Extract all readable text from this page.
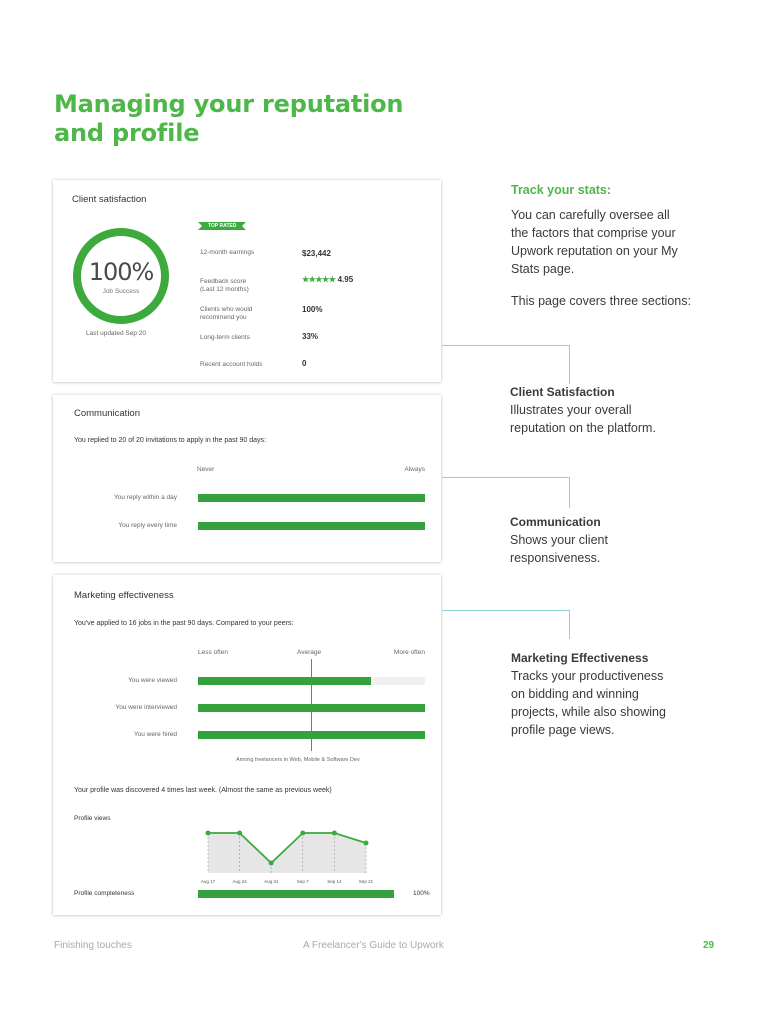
Managing your reputation
and profile
Client satisfaction
100%
Job Success
Last updated Sep 20
TOP RATED
12-month earnings	$23,442
Feedback score
(Last 12 months)
★★★★★ 4.95
Clients who would
recommend you
100%
Long-term clients	33%
Recent account holds	0
Communication
You replied to 20 of 20 invitations to apply in the past 90 days:
Never	Always
You reply within a day
You reply every time
Marketing effectiveness
You've applied to 16 jobs in the past 90 days. Compared to your peers:
Less often	Average	More often
You were viewed
You were interviewed
You were hired
Among freelancers in Web, Mobile & Software Dev
Your profile was discovered 4 times last week. (Almost the same as previous week)
Profile views
Aug 17	Aug 24	Aug 31	Sep 7	Sep 14	Sep 21
Profile completeness	100%
Track your stats:
You can carefully oversee all
the factors that comprise your
Upwork reputation on your My
Stats page.
This page covers three sections:
Client Satisfaction
Illustrates your overall
reputation on the platform.
Communication
Shows your client
responsiveness.
Marketing Effectiveness
Tracks your productiveness
on bidding and winning
projects, while also showing
profile page views.
Finishing touches	A Freelancer's Guide to Upwork	29
